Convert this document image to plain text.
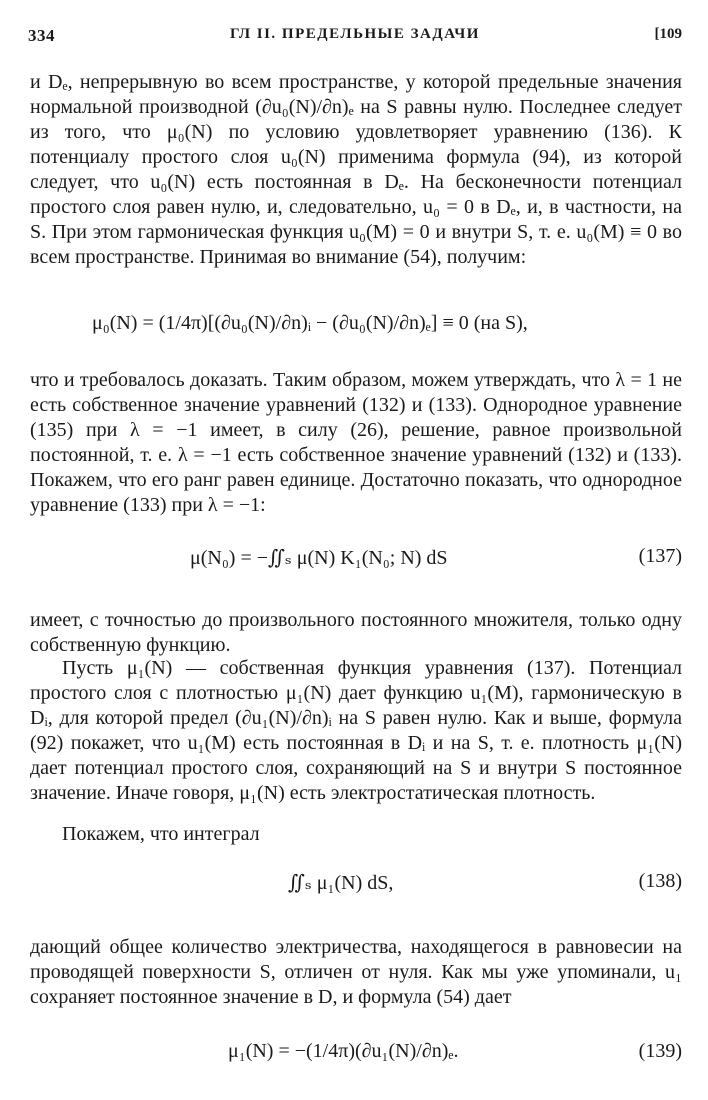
334	ГЛ II. ПРЕДЕЛЬНЫЕ ЗАДАЧИ	[109

и Dₑ, непрерывную во всем пространстве, у которой предельные значения нормальной производной (∂u₀(N)/∂n)ₑ на S равны нулю. Последнее следует из того, что μ₀(N) по условию удовлетворяет уравнению (136). К потенциалу простого слоя u₀(N) применима формула (94), из которой следует, что u₀(N) есть постоянная в Dₑ. На бесконечности потенциал простого слоя равен нулю, и, следовательно, u₀ = 0 в Dₑ, и, в частности, на S. При этом гармоническая функция u₀(M) = 0 и внутри S, т. е. u₀(M) ≡ 0 во всем пространстве. Принимая во внимание (54), получим:

μ₀(N) = (1/4π)[(∂u₀(N)/∂n)ᵢ − (∂u₀(N)/∂n)ₑ] ≡ 0 (на S),

что и требовалось доказать. Таким образом, можем утверждать, что λ = 1 не есть собственное значение уравнений (132) и (133). Однородное уравнение (135) при λ = −1 имеет, в силу (26), решение, равное произвольной постоянной, т. е. λ = −1 есть собственное значение уравнений (132) и (133). Покажем, что его ранг равен единице. Достаточно показать, что однородное уравнение (133) при λ = −1:

μ(N₀) = −∬ₛ μ(N) K₁(N₀; N) dS	(137)

имеет, с точностью до произвольного постоянного множителя, только одну собственную функцию.

Пусть μ₁(N) — собственная функция уравнения (137). Потенциал простого слоя с плотностью μ₁(N) дает функцию u₁(M), гармоническую в Dᵢ, для которой предел (∂u₁(N)/∂n)ᵢ на S равен нулю. Как и выше, формула (92) покажет, что u₁(M) есть постоянная в Dᵢ и на S, т. е. плотность μ₁(N) дает потенциал простого слоя, сохраняющий на S и внутри S постоянное значение. Иначе говоря, μ₁(N) есть электростатическая плотность.

Покажем, что интеграл

∬ₛ μ₁(N) dS,	(138)

дающий общее количество электричества, находящегося в равновесии на проводящей поверхности S, отличен от нуля. Как мы уже упоминали, u₁ сохраняет постоянное значение в D, и формула (54) дает

μ₁(N) = −(1/4π)(∂u₁(N)/∂n)ₑ.	(139)
